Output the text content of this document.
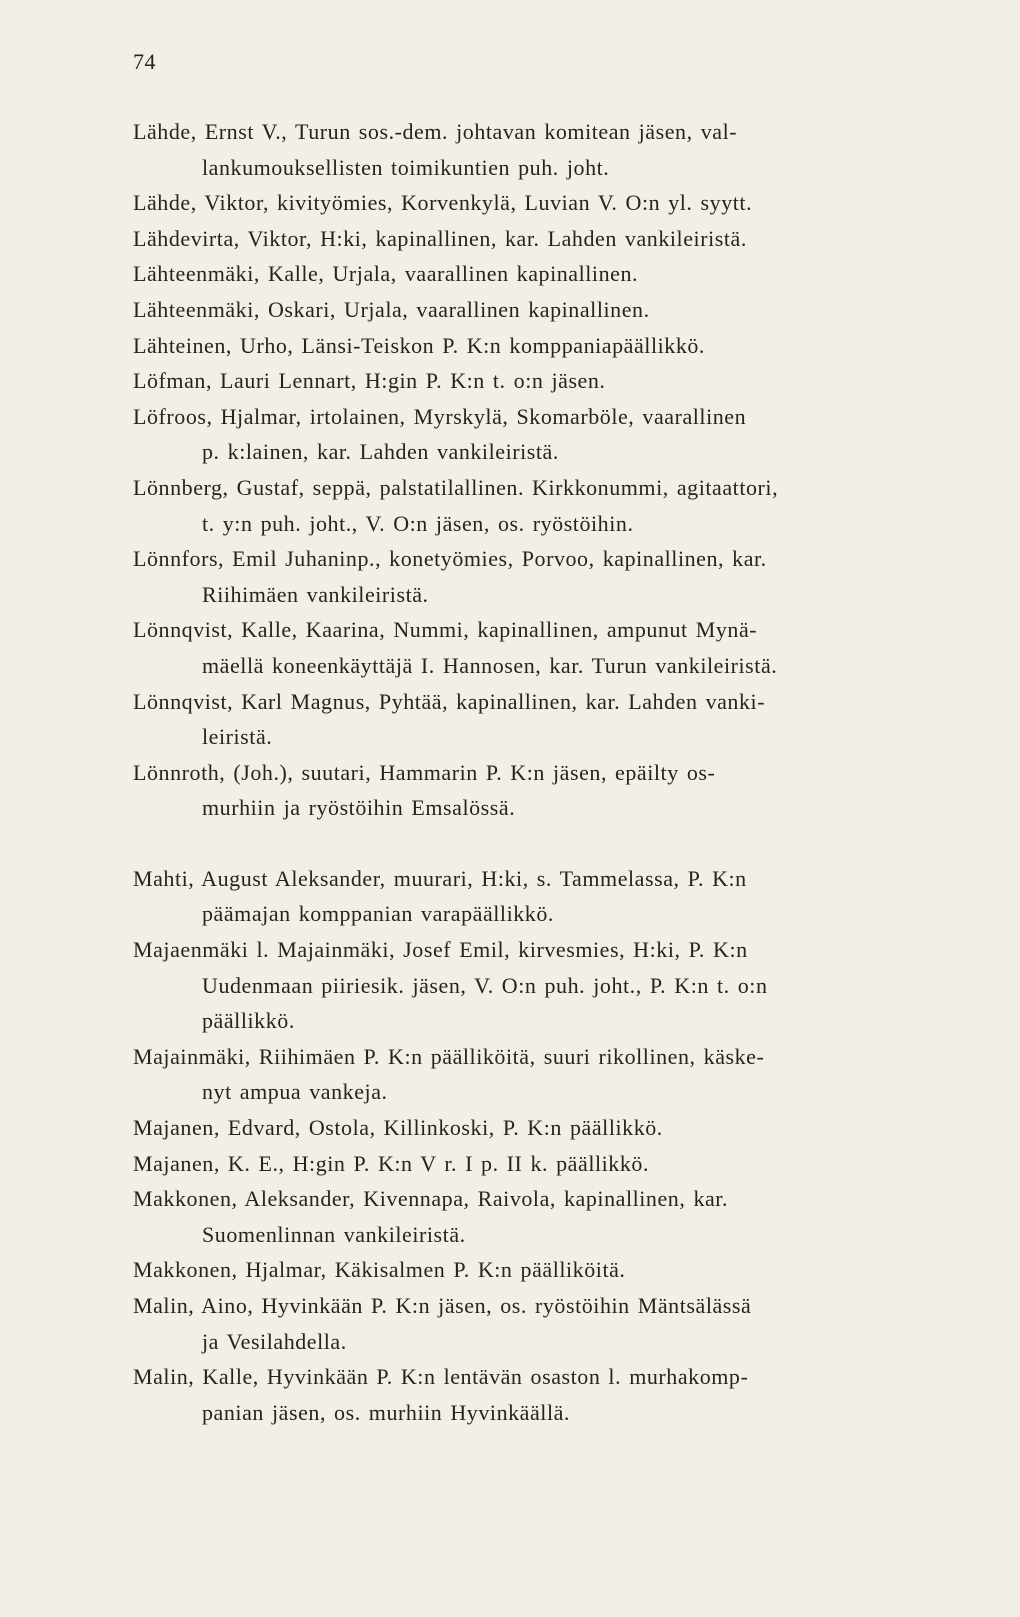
74
Lähde, Ernst V., Turun sos.-dem. johtavan komitean jäsen, val-
lankumouksellisten toimikuntien puh. joht.
Lähde, Viktor, kivityömies, Korvenkylä, Luvian V. O:n yl. syytt.
Lähdevirta, Viktor, H:ki, kapinallinen, kar. Lahden vankileiristä.
Lähteenmäki, Kalle, Urjala, vaarallinen kapinallinen.
Lähteenmäki, Oskari, Urjala, vaarallinen kapinallinen.
Lähteinen, Urho, Länsi-Teiskon P. K:n komppaniapäällikkö.
Löfman, Lauri Lennart, H:gin P. K:n t. o:n jäsen.
Löfroos, Hjalmar, irtolainen, Myrskylä, Skomarböle, vaarallinen
p. k:lainen, kar. Lahden vankileiristä.
Lönnberg, Gustaf, seppä, palstatilallinen. Kirkkonummi, agitaattori,
t. y:n puh. joht., V. O:n jäsen, os. ryöstöihin.
Lönnfors, Emil Juhaninp., konetyömies, Porvoo, kapinallinen, kar.
Riihimäen vankileiristä.
Lönnqvist, Kalle, Kaarina, Nummi, kapinallinen, ampunut Mynä-
mäellä koneenkäyttäjä I. Hannosen, kar. Turun vankileiristä.
Lönnqvist, Karl Magnus, Pyhtää, kapinallinen, kar. Lahden vanki-
leiristä.
Lönnroth, (Joh.), suutari, Hammarin P. K:n jäsen, epäilty os-
murhiin ja ryöstöihin Emsalössä.
Mahti, August Aleksander, muurari, H:ki, s. Tammelassa, P. K:n
päämajan komppanian varapäällikkö.
Majaenmäki l. Majainmäki, Josef Emil, kirvesmies, H:ki, P. K:n
Uudenmaan piiriesik. jäsen, V. O:n puh. joht., P. K:n t. o:n
päällikkö.
Majainmäki, Riihimäen P. K:n päälliköitä, suuri rikollinen, käske-
nyt ampua vankeja.
Majanen, Edvard, Ostola, Killinkoski, P. K:n päällikkö.
Majanen, K. E., H:gin P. K:n V r. I p. II k. päällikkö.
Makkonen, Aleksander, Kivennapa, Raivola, kapinallinen, kar.
Suomenlinnan vankileiristä.
Makkonen, Hjalmar, Käkisalmen P. K:n päälliköitä.
Malin, Aino, Hyvinkään P. K:n jäsen, os. ryöstöihin Mäntsälässä
ja Vesilahdella.
Malin, Kalle, Hyvinkään P. K:n lentävän osaston l. murhakomp-
panian jäsen, os. murhiin Hyvinkäällä.
